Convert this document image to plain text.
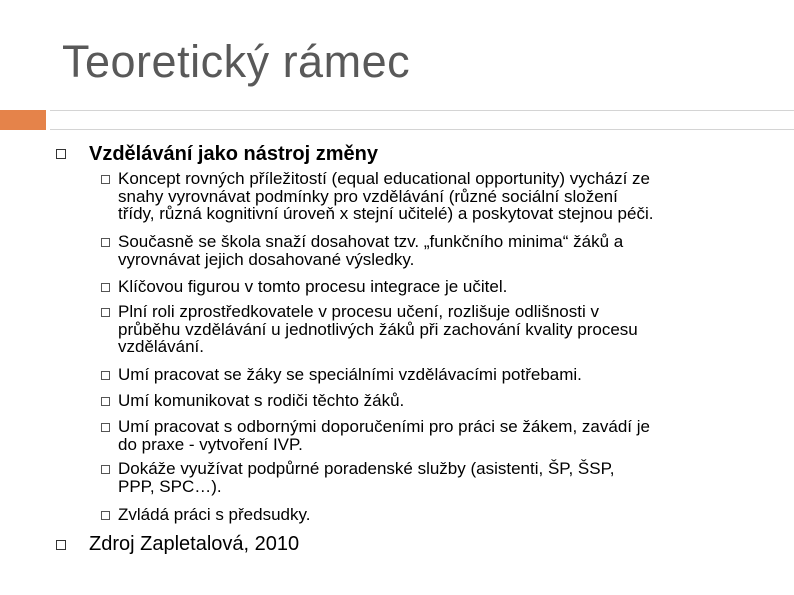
Teoretický rámec
Vzdělávání jako nástroj změny
Koncept rovných příležitostí (equal educational opportunity) vychází ze
snahy vyrovnávat podmínky pro vzdělávání (různé sociální složení
třídy, různá kognitivní úroveň x stejní učitelé) a poskytovat stejnou péči.
Současně se škola snaží dosahovat tzv. „funkčního minima“ žáků a
vyrovnávat jejich dosahované výsledky.
Klíčovou figurou v tomto procesu integrace je učitel.
Plní roli zprostředkovatele v procesu učení, rozlišuje odlišnosti v
průběhu vzdělávání u jednotlivých žáků při zachování kvality procesu
vzdělávání.
Umí pracovat se žáky se speciálními vzdělávacími potřebami.
Umí komunikovat s rodiči těchto žáků.
Umí pracovat s odbornými doporučeními pro práci se žákem, zavádí je
do praxe - vytvoření IVP.
Dokáže využívat podpůrné poradenské služby (asistenti, ŠP, ŠSP,
PPP, SPC…).
Zvládá práci s předsudky.
Zdroj Zapletalová, 2010
